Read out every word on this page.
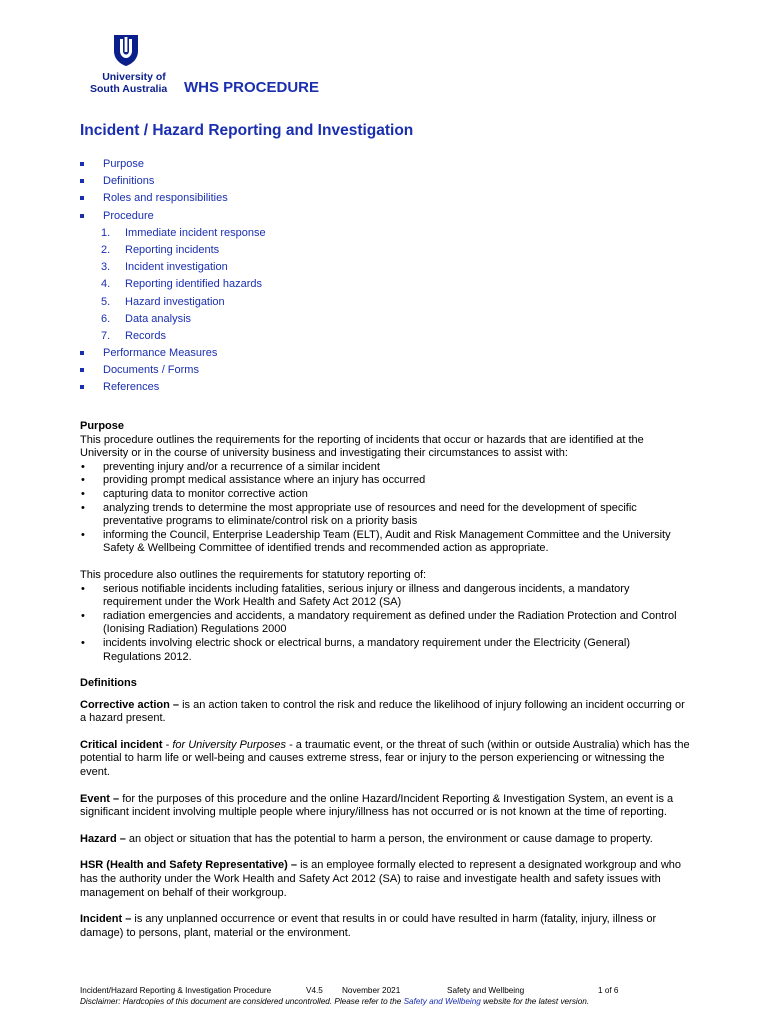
University of
South Australia	WHS PROCEDURE
Incident / Hazard Reporting and Investigation
Purpose
Definitions
Roles and responsibilities
Procedure
1. Immediate incident response
2. Reporting incidents
3. Incident investigation
4. Reporting identified hazards
5. Hazard investigation
6. Data analysis
7. Records
Performance Measures
Documents / Forms
References

Purpose

This procedure outlines the requirements for the reporting of incidents that occur or hazards that are identified at the University or in the course of university business and investigating their circumstances to assist with:

• preventing injury and/or a recurrence of a similar incident
• providing prompt medical assistance where an injury has occurred
• capturing data to monitor corrective action
• analyzing trends to determine the most appropriate use of resources and need for the development of specific preventative programs to eliminate/control risk on a priority basis
• informing the Council, Enterprise Leadership Team (ELT), Audit and Risk Management Committee and the University Safety & Wellbeing Committee of identified trends and recommended action as appropriate.

This procedure also outlines the requirements for statutory reporting of:

• serious notifiable incidents including fatalities, serious injury or illness and dangerous incidents, a mandatory requirement under the Work Health and Safety Act 2012 (SA)
• radiation emergencies and accidents, a mandatory requirement as defined under the Radiation Protection and Control (Ionising Radiation) Regulations 2000
• incidents involving electric shock or electrical burns, a mandatory requirement under the Electricity (General) Regulations 2012.

Definitions

Corrective action – is an action taken to control the risk and reduce the likelihood of injury following an incident occurring or a hazard present.

Critical incident - for University Purposes - a traumatic event, or the threat of such (within or outside Australia) which has the potential to harm life or well-being and causes extreme stress, fear or injury to the person experiencing or witnessing the event.

Event – for the purposes of this procedure and the online Hazard/Incident Reporting & Investigation System, an event is a significant incident involving multiple people where injury/illness has not occurred or is not known at the time of reporting.

Hazard – an object or situation that has the potential to harm a person, the environment or cause damage to property.

HSR (Health and Safety Representative) – is an employee formally elected to represent a designated workgroup and who has the authority under the Work Health and Safety Act 2012 (SA) to raise and investigate health and safety issues with management on behalf of their workgroup.

Incident – is any unplanned occurrence or event that results in or could have resulted in harm (fatality, injury, illness or damage) to persons, plant, material or the environment.

Incident/Hazard Reporting & Investigation Procedure	V4.5 November 2021	Safety and Wellbeing	1 of 6
Disclaimer: Hardcopies of this document are considered uncontrolled. Please refer to the Safety and Wellbeing website for the latest version.
